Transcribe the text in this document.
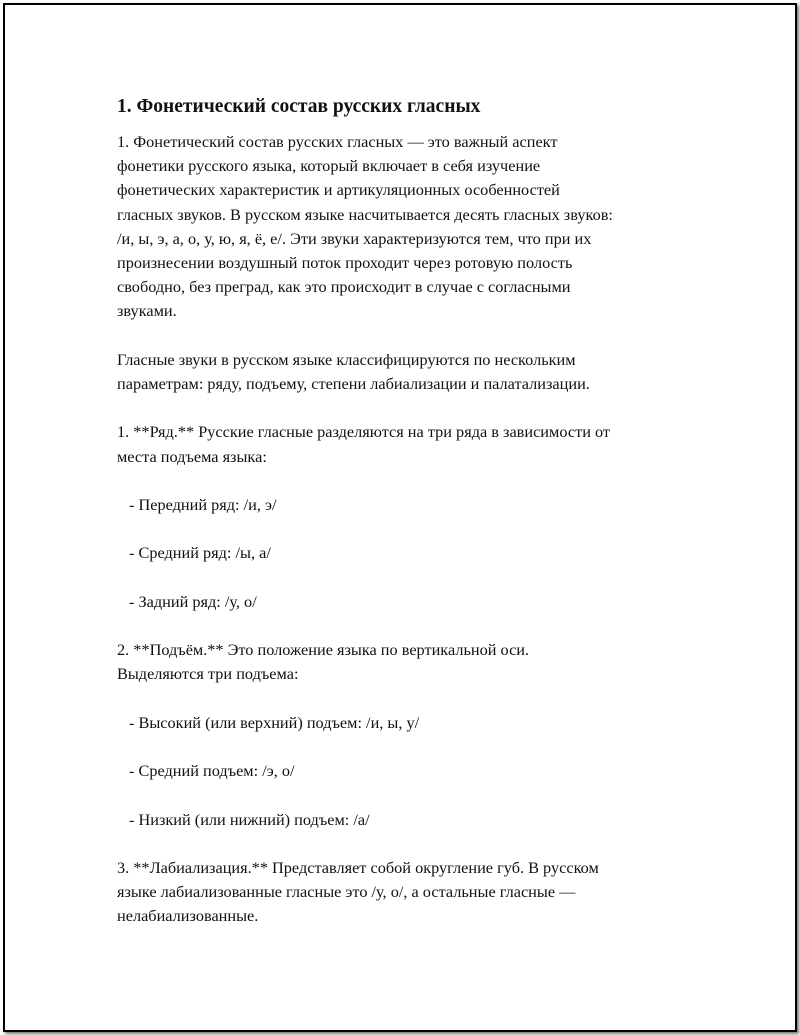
1. Фонетический состав русских гласных

1. Фонетический состав русских гласных — это важный аспект
фонетики русского языка, который включает в себя изучение
фонетических характеристик и артикуляционных особенностей
гласных звуков. В русском языке насчитывается десять гласных звуков:
/и, ы, э, а, о, у, ю, я, ё, е/. Эти звуки характеризуются тем, что при их
произнесении воздушный поток проходит через ротовую полость
свободно, без преград, как это происходит в случае с согласными
звуками.

Гласные звуки в русском языке классифицируются по нескольким
параметрам: ряду, подъему, степени лабиализации и палатализации.

1. **Ряд.** Русские гласные разделяются на три ряда в зависимости от
места подъема языка:

- Передний ряд: /и, э/

- Средний ряд: /ы, а/

- Задний ряд: /у, о/

2. **Подъём.** Это положение языка по вертикальной оси.
Выделяются три подъема:

- Высокий (или верхний) подъем: /и, ы, у/

- Средний подъем: /э, о/

- Низкий (или нижний) подъем: /а/

3. **Лабиализация.** Представляет собой округление губ. В русском
языке лабиализованные гласные это /у, о/, а остальные гласные —
нелабиализованные.
